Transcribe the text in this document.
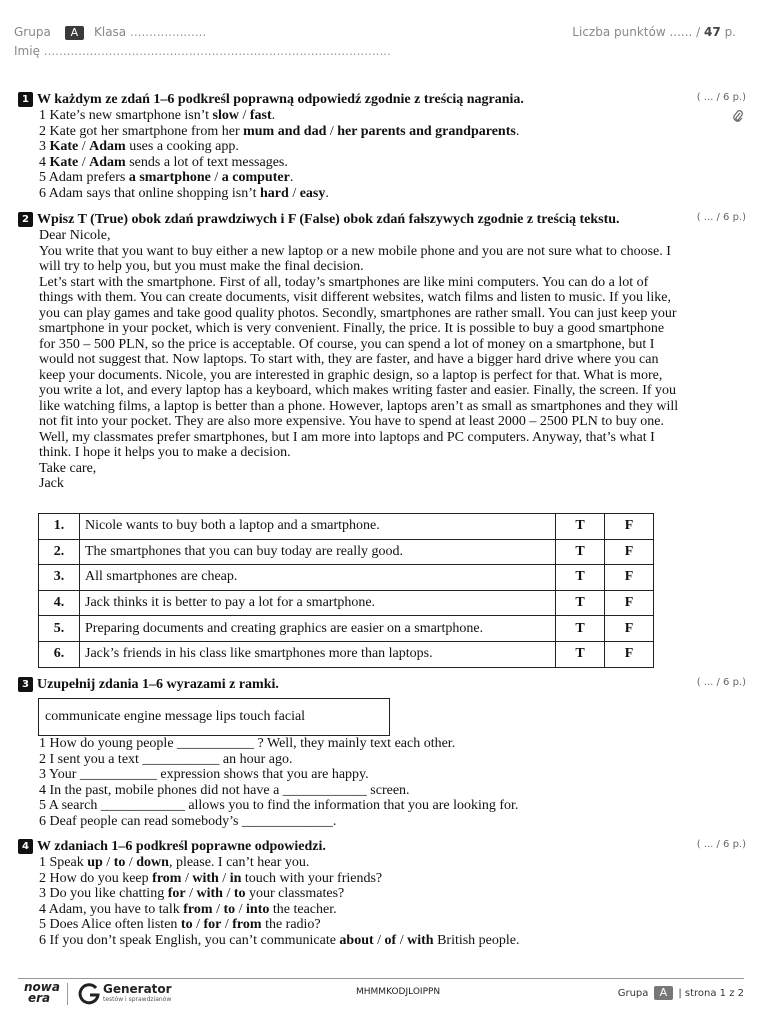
Grupa A Klasa ....................
Imię ...........................................................................................
Liczba punktów ...... / 47 p.
1 W każdym ze zdań 1–6 podkreśl poprawną odpowiedź zgodnie z treścią nagrania.	( ... / 6 p.)
1 Kate’s new smartphone isn’t slow / fast.
2 Kate got her smartphone from her mum and dad / her parents and grandparents.
3 Kate / Adam uses a cooking app.
4 Kate / Adam sends a lot of text messages.
5 Adam prefers a smartphone / a computer.
6 Adam says that online shopping isn’t hard / easy.
2 Wpisz T (True) obok zdań prawdziwych i F (False) obok zdań fałszywych zgodnie z treścią tekstu.	( ... / 6 p.)
Dear Nicole,
You write that you want to buy either a new laptop or a new mobile phone and you are not sure what to choose. I will try to help you, but you must make the final decision.
Let’s start with the smartphone. First of all, today’s smartphones are like mini computers. You can do a lot of things with them. You can create documents, visit different websites, watch films and listen to music. If you like, you can play games and take good quality photos. Secondly, smartphones are rather small. You can just keep your smartphone in your pocket, which is very convenient. Finally, the price. It is possible to buy a good smartphone for 350 – 500 PLN, so the price is acceptable. Of course, you can spend a lot of money on a smartphone, but I would not suggest that. Now laptops. To start with, they are faster, and have a bigger hard drive where you can keep your documents. Nicole, you are interested in graphic design, so a laptop is perfect for that. What is more, you write a lot, and every laptop has a keyboard, which makes writing faster and easier. Finally, the screen. If you like watching films, a laptop is better than a phone. However, laptops aren’t as small as smartphones and they will not fit into your pocket. They are also more expensive. You have to spend at least 2000 – 2500 PLN to buy one.
Well, my classmates prefer smartphones, but I am more into laptops and PC computers. Anyway, that’s what I think. I hope it helps you to make a decision.
Take care,
Jack
1.	Nicole wants to buy both a laptop and a smartphone.	T	F
2.	The smartphones that you can buy today are really good.	T	F
3.	All smartphones are cheap.	T	F
4.	Jack thinks it is better to pay a lot for a smartphone.	T	F
5.	Preparing documents and creating graphics are easier on a smartphone.	T	F
6.	Jack’s friends in his class like smartphones more than laptops.	T	F
3 Uzupełnij zdania 1–6 wyrazami z ramki.	( ... / 6 p.)
communicate engine message lips touch facial
1 How do young people ___________ ? Well, they mainly text each other.
2 I sent you a text ___________ an hour ago.
3 Your ___________ expression shows that you are happy.
4 In the past, mobile phones did not have a ____________ screen.
5 A search ____________ allows you to find the information that you are looking for.
6 Deaf people can read somebody’s _____________.
4 W zdaniach 1–6 podkreśl poprawne odpowiedzi.	( ... / 6 p.)
1 Speak up / to / down, please. I can’t hear you.
2 How do you keep from / with / in touch with your friends?
3 Do you like chatting for / with / to your classmates?
4 Adam, you have to talk from / to / into the teacher.
5 Does Alice often listen to / for / from the radio?
6 If you don’t speak English, you can’t communicate about / of / with British people.
nowa
era
Generator
testów i sprawdzianów
MHMMKODJLOIPPN	Grupa A | strona 1 z 2
